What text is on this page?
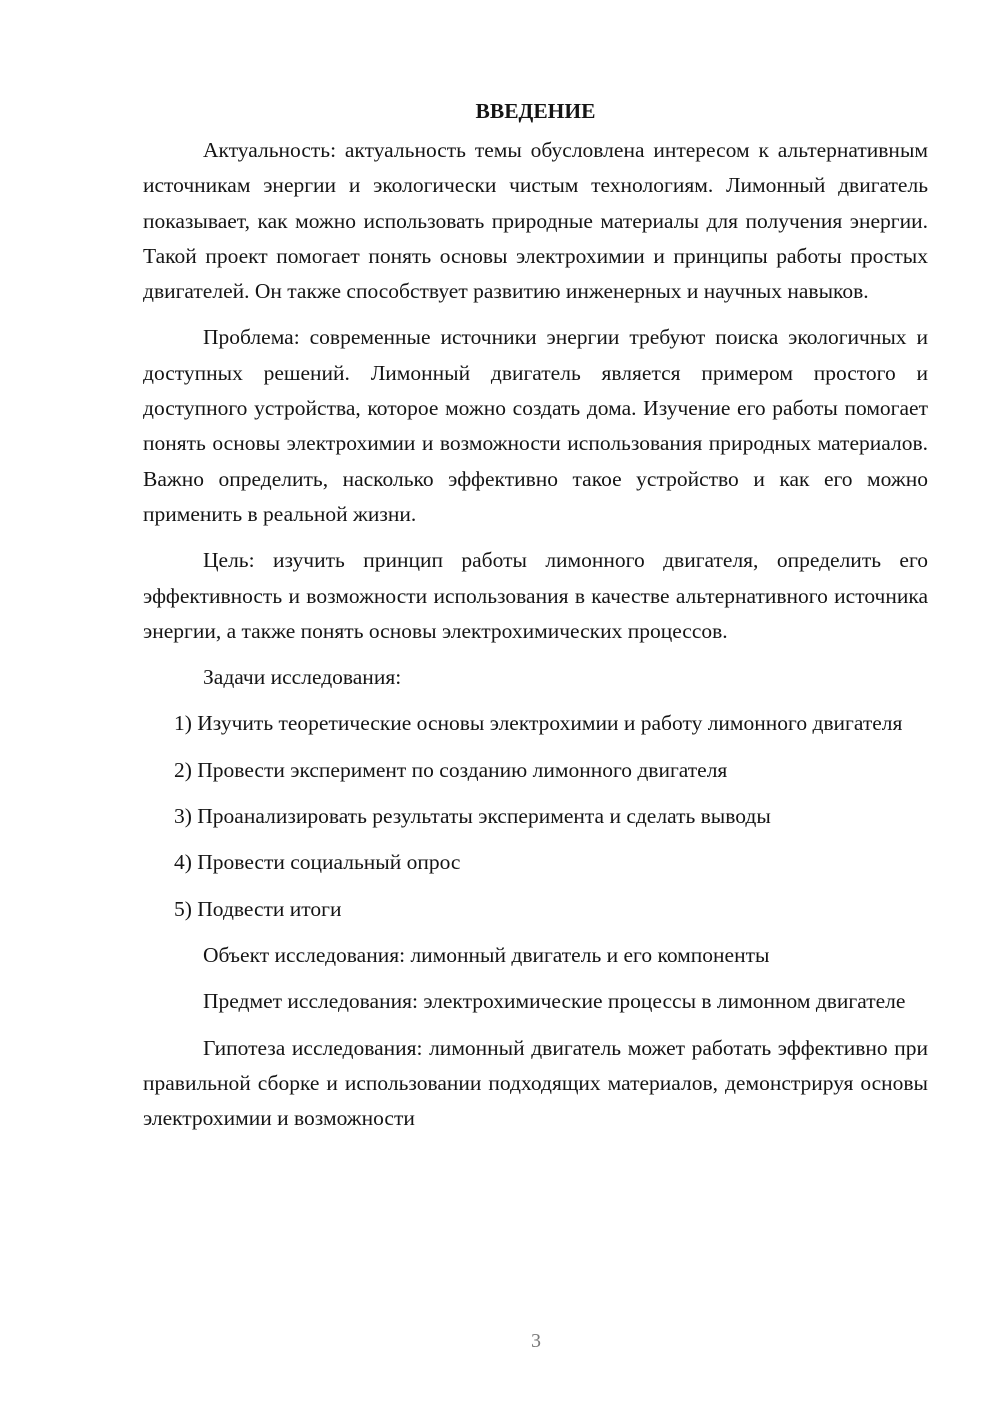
ВВЕДЕНИЕ

Актуальность: актуальность темы обусловлена интересом к альтернативным источникам энергии и экологически чистым технологиям. Лимонный двигатель показывает, как можно использовать природные материалы для получения энергии. Такой проект помогает понять основы электрохимии и принципы работы простых двигателей. Он также способствует развитию инженерных и научных навыков.

Проблема: современные источники энергии требуют поиска экологичных и доступных решений. Лимонный двигатель является примером простого и доступного устройства, которое можно создать дома. Изучение его работы помогает понять основы электрохимии и возможности использования природных материалов. Важно определить, насколько эффективно такое устройство и как его можно применить в реальной жизни.

Цель: изучить принцип работы лимонного двигателя, определить его эффективность и возможности использования в качестве альтернативного источника энергии, а также понять основы электрохимических процессов.

Задачи исследования:

1) Изучить теоретические основы электрохимии и работу лимонного двигателя

2) Провести эксперимент по созданию лимонного двигателя

3) Проанализировать результаты эксперимента и сделать выводы

4) Провести социальный опрос

5) Подвести итоги

Объект исследования: лимонный двигатель и его компоненты

Предмет исследования: электрохимические процессы в лимонном двигателе

Гипотеза исследования: лимонный двигатель может работать эффективно при правильной сборке и использовании подходящих материалов, демонстрируя основы электрохимии и возможности

3
